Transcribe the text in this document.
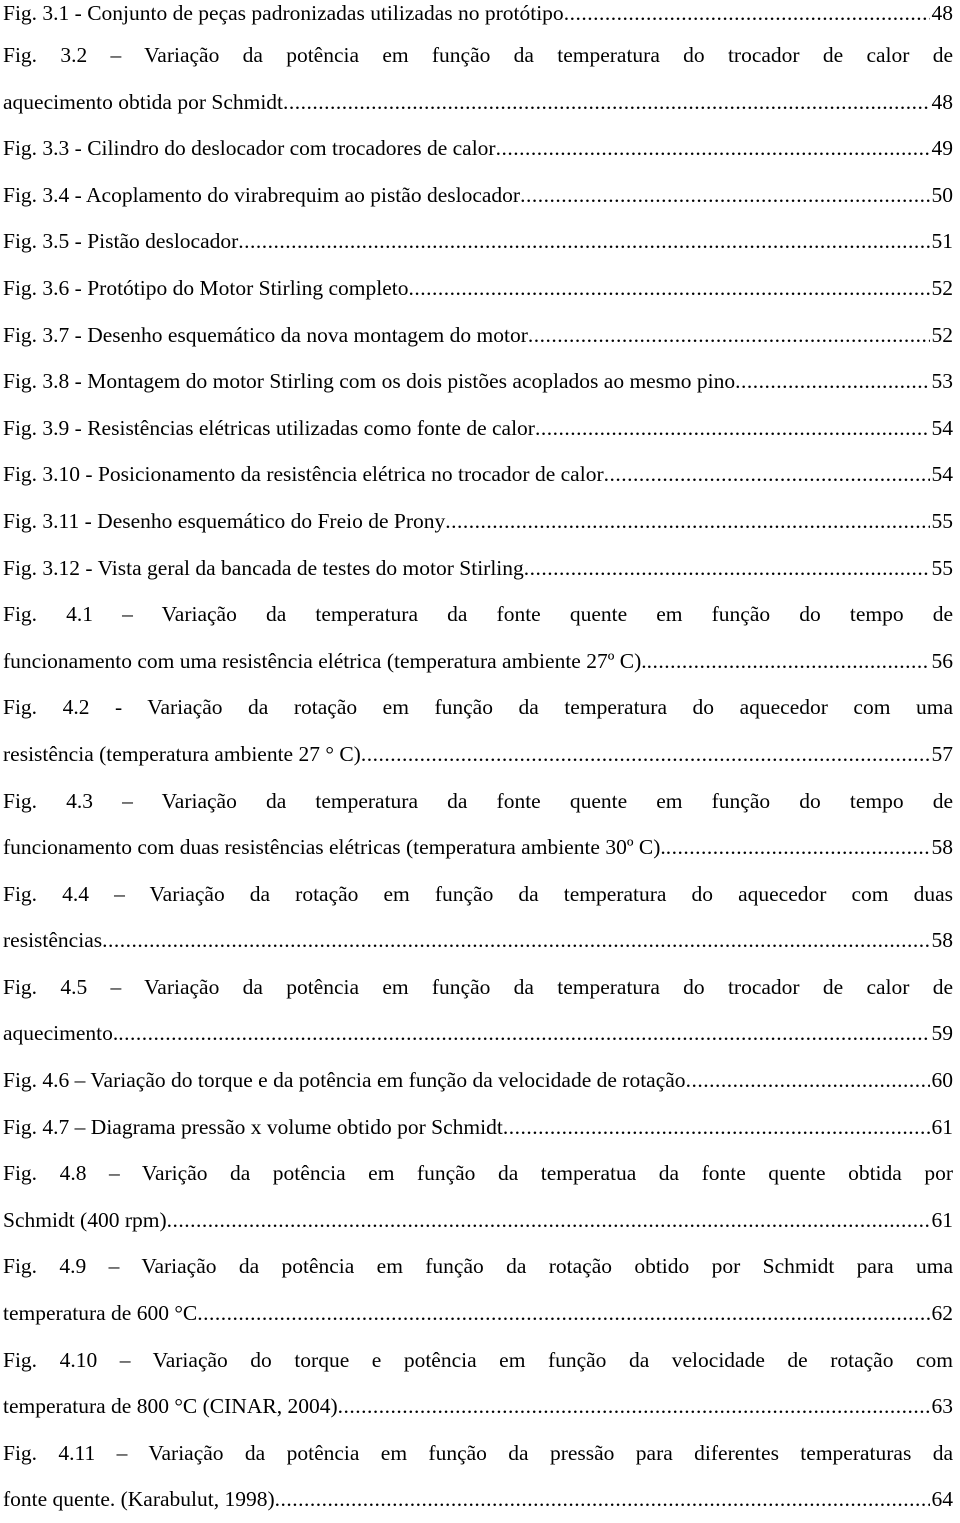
Fig. 3.1 - Conjunto de peças padronizadas utilizadas no protótipo .....	48
Fig. 3.2 – Variação da potência em função da temperatura do trocador de calor de
aquecimento obtida por Schmidt .....	48
Fig. 3.3 - Cilindro do deslocador com trocadores de calor .....	49
Fig. 3.4 - Acoplamento do virabrequim ao pistão deslocador .....	50
Fig. 3.5 - Pistão deslocador .....	51
Fig. 3.6 - Protótipo do Motor Stirling completo .....	52
Fig. 3.7 - Desenho esquemático da nova montagem do motor .....	52
Fig. 3.8 - Montagem do motor Stirling com os dois pistões acoplados ao mesmo pino .....	53
Fig. 3.9 - Resistências elétricas utilizadas como fonte de calor .....	54
Fig. 3.10 - Posicionamento da resistência elétrica no trocador de calor .....	54
Fig. 3.11 - Desenho esquemático do Freio de Prony .....	55
Fig. 3.12 - Vista geral da bancada de testes do motor Stirling .....	55
Fig. 4.1 – Variação da temperatura da fonte quente em função do tempo de
funcionamento com uma resistência elétrica (temperatura ambiente 27º C). .....	56
Fig. 4.2 - Variação da rotação em função da temperatura do aquecedor com uma
resistência (temperatura ambiente 27 ° C) .....	57
Fig. 4.3 – Variação da temperatura da fonte quente em função do tempo de
funcionamento com duas resistências elétricas (temperatura ambiente 30º C). .....	58
Fig. 4.4 – Variação da rotação em função da temperatura do aquecedor com duas
resistências .....	58
Fig. 4.5 – Variação da potência em função da temperatura do trocador de calor de
aquecimento. .....	59
Fig. 4.6 – Variação do torque e da potência em função da velocidade de rotação .....	60
Fig. 4.7 – Diagrama pressão x volume obtido por Schmidt .....	61
Fig. 4.8 – Varição da potência em função da temperatua da fonte quente obtida por
Schmidt (400 rpm) .....	61
Fig. 4.9 – Variação da potência em função da rotação obtido por Schmidt para uma
temperatura de 600 °C .....	62
Fig. 4.10 – Variação do torque e potência em função da velocidade de rotação com
temperatura de 800 °C (CINAR, 2004) .....	63
Fig. 4.11 – Variação da potência em função da pressão para diferentes temperaturas da
fonte quente. (Karabulut, 1998) .....	64
